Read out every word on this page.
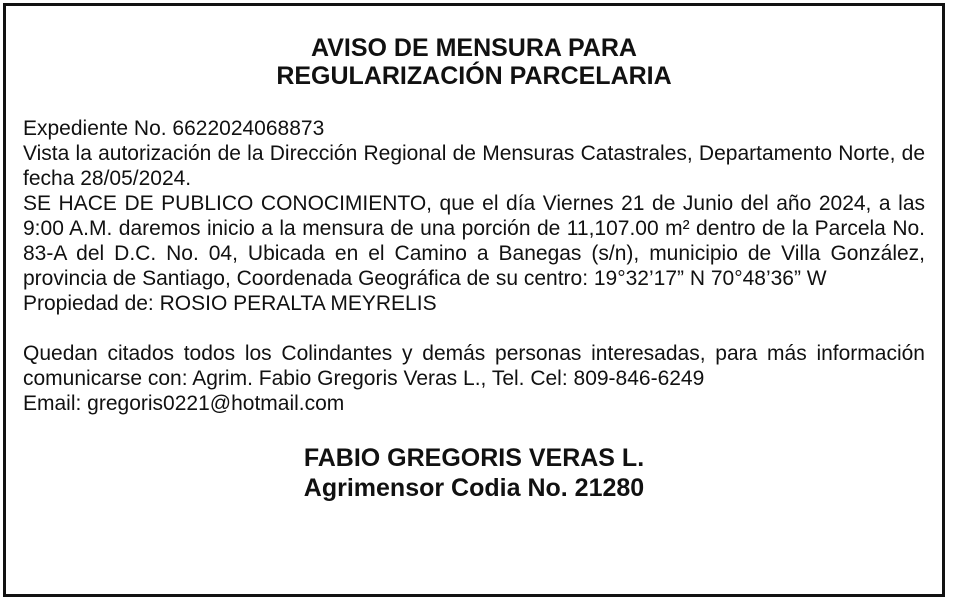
AVISO DE MENSURA PARA
REGULARIZACIÓN PARCELARIA
Expediente No. 6622024068873
Vista la autorización de la Dirección Regional de Mensuras Catastrales, Departamento Norte, de fecha 28/05/2024.
SE HACE DE PUBLICO CONOCIMIENTO, que el día Viernes 21 de Junio del año 2024, a las 9:00 A.M. daremos inicio a la mensura de una porción de 11,107.00 m² dentro de la Parcela No. 83-A del D.C. No. 04, Ubicada en el Camino a Banegas (s/n), municipio de Villa González, provincia de Santiago, Coordenada Geográfica de su centro: 19°32’17” N 70°48’36” W
Propiedad de: ROSIO PERALTA MEYRELIS
Quedan citados todos los Colindantes y demás personas interesadas, para más información comunicarse con: Agrim. Fabio Gregoris Veras L., Tel. Cel: 809-846-6249
Email: gregoris0221@hotmail.com
FABIO GREGORIS VERAS L.
Agrimensor Codia No. 21280
